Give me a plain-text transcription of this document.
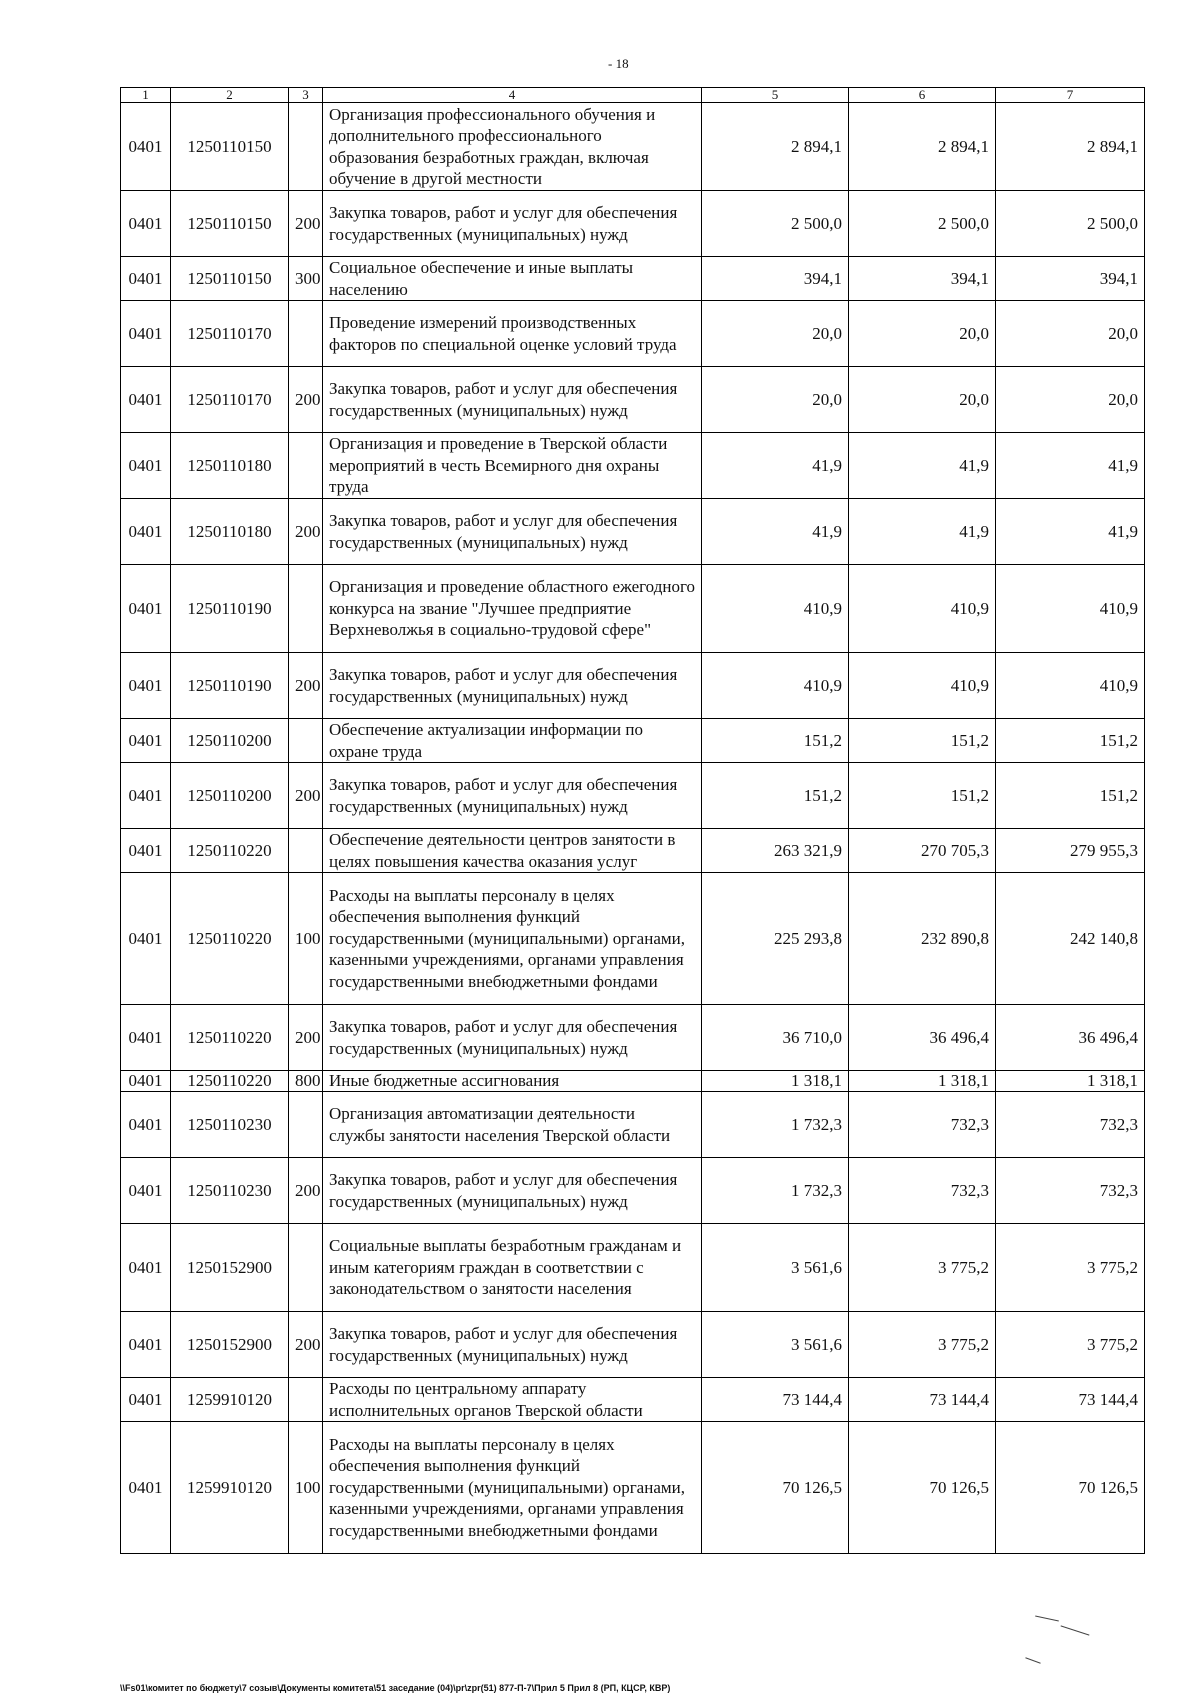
- 18
1	2	3	4	5	6	7
0401	1250110150		Организация профессионального обучения и дополнительного профессионального образования безработных граждан, включая обучение в другой местности	2 894,1	2 894,1	2 894,1
0401	1250110150	200	Закупка товаров, работ и услуг для обеспечения государственных (муниципальных) нужд	2 500,0	2 500,0	2 500,0
0401	1250110150	300	Социальное обеспечение и иные выплаты населению	394,1	394,1	394,1
0401	1250110170		Проведение измерений производственных факторов по специальной оценке условий труда	20,0	20,0	20,0
0401	1250110170	200	Закупка товаров, работ и услуг для обеспечения государственных (муниципальных) нужд	20,0	20,0	20,0
0401	1250110180		Организация и проведение в Тверской области мероприятий в честь Всемирного дня охраны труда	41,9	41,9	41,9
0401	1250110180	200	Закупка товаров, работ и услуг для обеспечения государственных (муниципальных) нужд	41,9	41,9	41,9
0401	1250110190		Организация и проведение областного ежегодного конкурса на звание "Лучшее предприятие Верхневолжья в социально-трудовой сфере"	410,9	410,9	410,9
0401	1250110190	200	Закупка товаров, работ и услуг для обеспечения государственных (муниципальных) нужд	410,9	410,9	410,9
0401	1250110200		Обеспечение актуализации информации по охране труда	151,2	151,2	151,2
0401	1250110200	200	Закупка товаров, работ и услуг для обеспечения государственных (муниципальных) нужд	151,2	151,2	151,2
0401	1250110220		Обеспечение деятельности центров занятости в целях повышения качества оказания услуг	263 321,9	270 705,3	279 955,3
0401	1250110220	100	Расходы на выплаты персоналу в целях обеспечения выполнения функций государственными (муниципальными) органами, казенными учреждениями, органами управления государственными внебюджетными фондами	225 293,8	232 890,8	242 140,8
0401	1250110220	200	Закупка товаров, работ и услуг для обеспечения государственных (муниципальных) нужд	36 710,0	36 496,4	36 496,4
0401	1250110220	800	Иные бюджетные ассигнования	1 318,1	1 318,1	1 318,1
0401	1250110230		Организация автоматизации деятельности службы занятости населения Тверской области	1 732,3	732,3	732,3
0401	1250110230	200	Закупка товаров, работ и услуг для обеспечения государственных (муниципальных) нужд	1 732,3	732,3	732,3
0401	1250152900		Социальные выплаты безработным гражданам и иным категориям граждан в соответствии с законодательством о занятости населения	3 561,6	3 775,2	3 775,2
0401	1250152900	200	Закупка товаров, работ и услуг для обеспечения государственных (муниципальных) нужд	3 561,6	3 775,2	3 775,2
0401	1259910120		Расходы по центральному аппарату исполнительных органов Тверской области	73 144,4	73 144,4	73 144,4
0401	1259910120	100	Расходы на выплаты персоналу в целях обеспечения выполнения функций государственными (муниципальными) органами, казенными учреждениями, органами управления государственными внебюджетными фондами	70 126,5	70 126,5	70 126,5
\\Fs01\комитет по бюджету\7 созыв\Документы комитета\51 заседание (04)\pr\zpr(51) 877-П-7\Прил 5 Прил 8 (РП, КЦСР, КВР)
